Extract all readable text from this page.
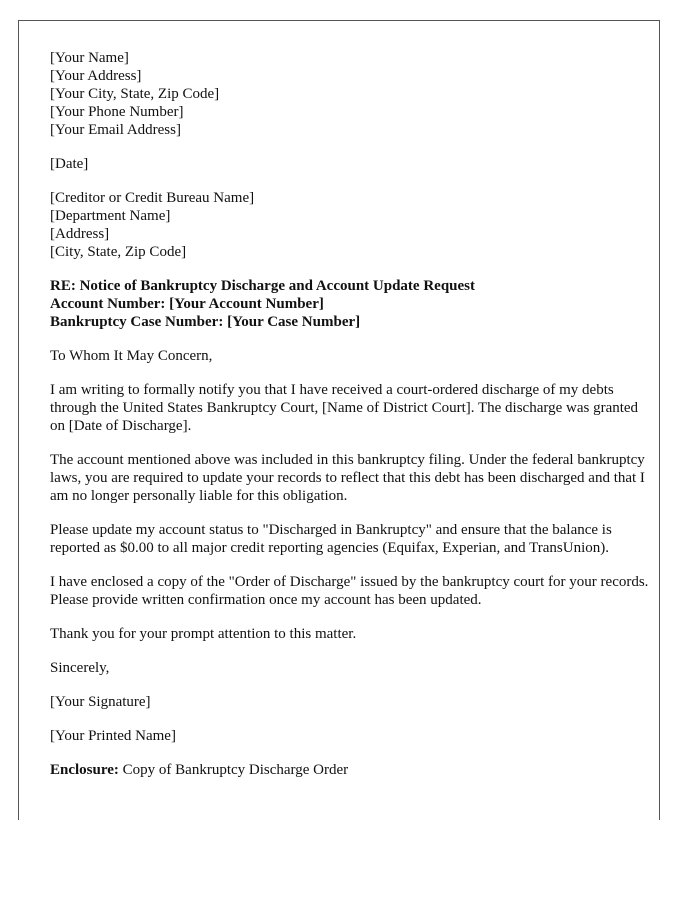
[Your Name]
[Your Address]
[Your City, State, Zip Code]
[Your Phone Number]
[Your Email Address]
[Date]
[Creditor or Credit Bureau Name]
[Department Name]
[Address]
[City, State, Zip Code]
RE: Notice of Bankruptcy Discharge and Account Update Request
Account Number: [Your Account Number]
Bankruptcy Case Number: [Your Case Number]

To Whom It May Concern,

I am writing to formally notify you that I have received a court-ordered discharge of my debts through the United States Bankruptcy Court, [Name of District Court]. The discharge was granted on [Date of Discharge].

The account mentioned above was included in this bankruptcy filing. Under the federal bankruptcy laws, you are required to update your records to reflect that this debt has been discharged and that I am no longer personally liable for this obligation.

Please update my account status to "Discharged in Bankruptcy" and ensure that the balance is reported as $0.00 to all major credit reporting agencies (Equifax, Experian, and TransUnion).

I have enclosed a copy of the "Order of Discharge" issued by the bankruptcy court for your records. Please provide written confirmation once my account has been updated.

Thank you for your prompt attention to this matter.

Sincerely,

[Your Signature]

[Your Printed Name]

Enclosure: Copy of Bankruptcy Discharge Order
